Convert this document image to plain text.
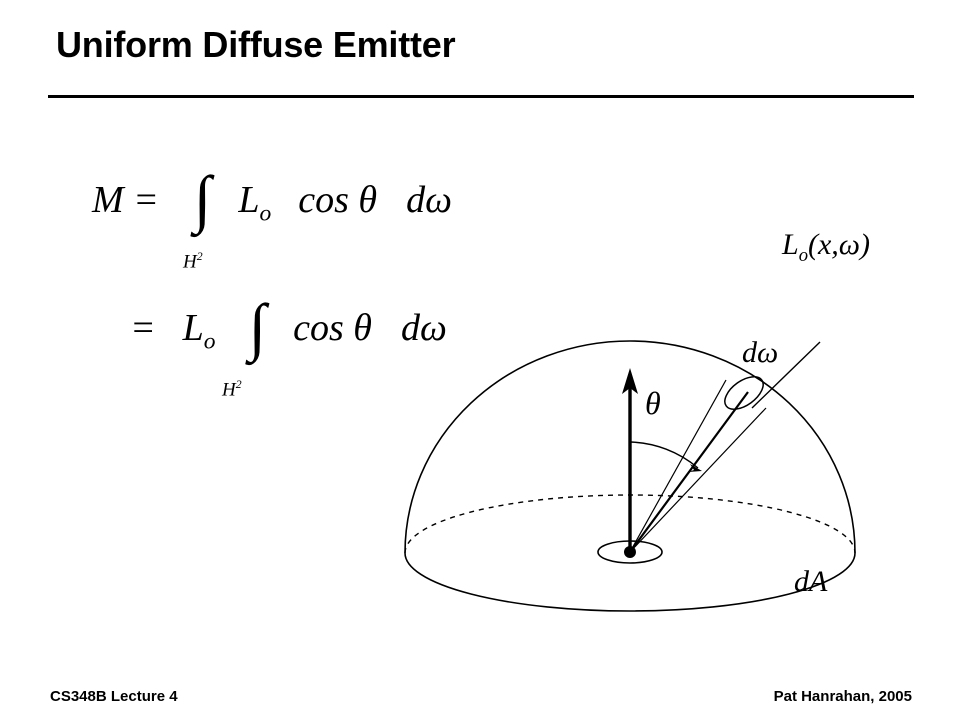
Uniform Diffuse Emitter
M = ∫ $L_o$ cos θ dω
$H^2$
= $L_o$ ∫ cos θ dω
$H^2$
$L_o(x,\omega)$
dω
θ
dA
CS348B Lecture 4	Pat Hanrahan, 2005
